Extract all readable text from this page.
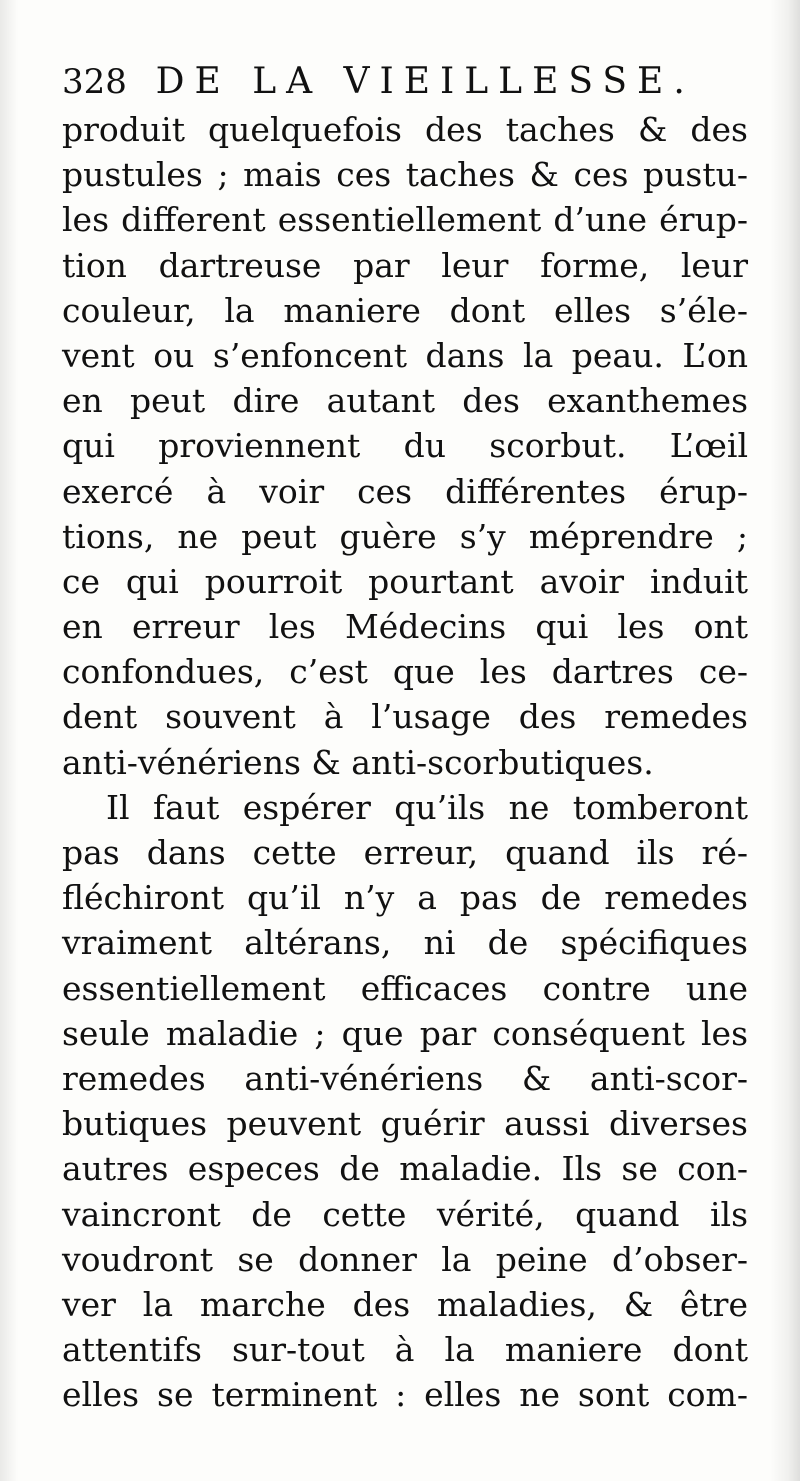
328 DE LA VIEILLESSE.
produit quelquefois des taches & des
pustules ; mais ces taches & ces pustu-
les different essentiellement d’une érup-
tion dartreuse par leur forme, leur
couleur, la maniere dont elles s’éle-
vent ou s’enfoncent dans la peau. L’on
en peut dire autant des exanthemes
qui proviennent du scorbut. L’œil
exercé à voir ces différentes érup-
tions, ne peut guère s’y méprendre ;
ce qui pourroit pourtant avoir induit
en erreur les Médecins qui les ont
confondues, c’est que les dartres ce-
dent souvent à l’usage des remedes
anti-vénériens & anti-scorbutiques.
Il faut espérer qu’ils ne tomberont
pas dans cette erreur, quand ils ré-
fléchiront qu’il n’y a pas de remedes
vraiment altérans, ni de spécifiques
essentiellement efficaces contre une
seule maladie ; que par conséquent les
remedes anti-vénériens & anti-scor-
butiques peuvent guérir aussi diverses
autres especes de maladie. Ils se con-
vaincront de cette vérité, quand ils
voudront se donner la peine d’obser-
ver la marche des maladies, & être
attentifs sur-tout à la maniere dont
elles se terminent : elles ne sont com-
